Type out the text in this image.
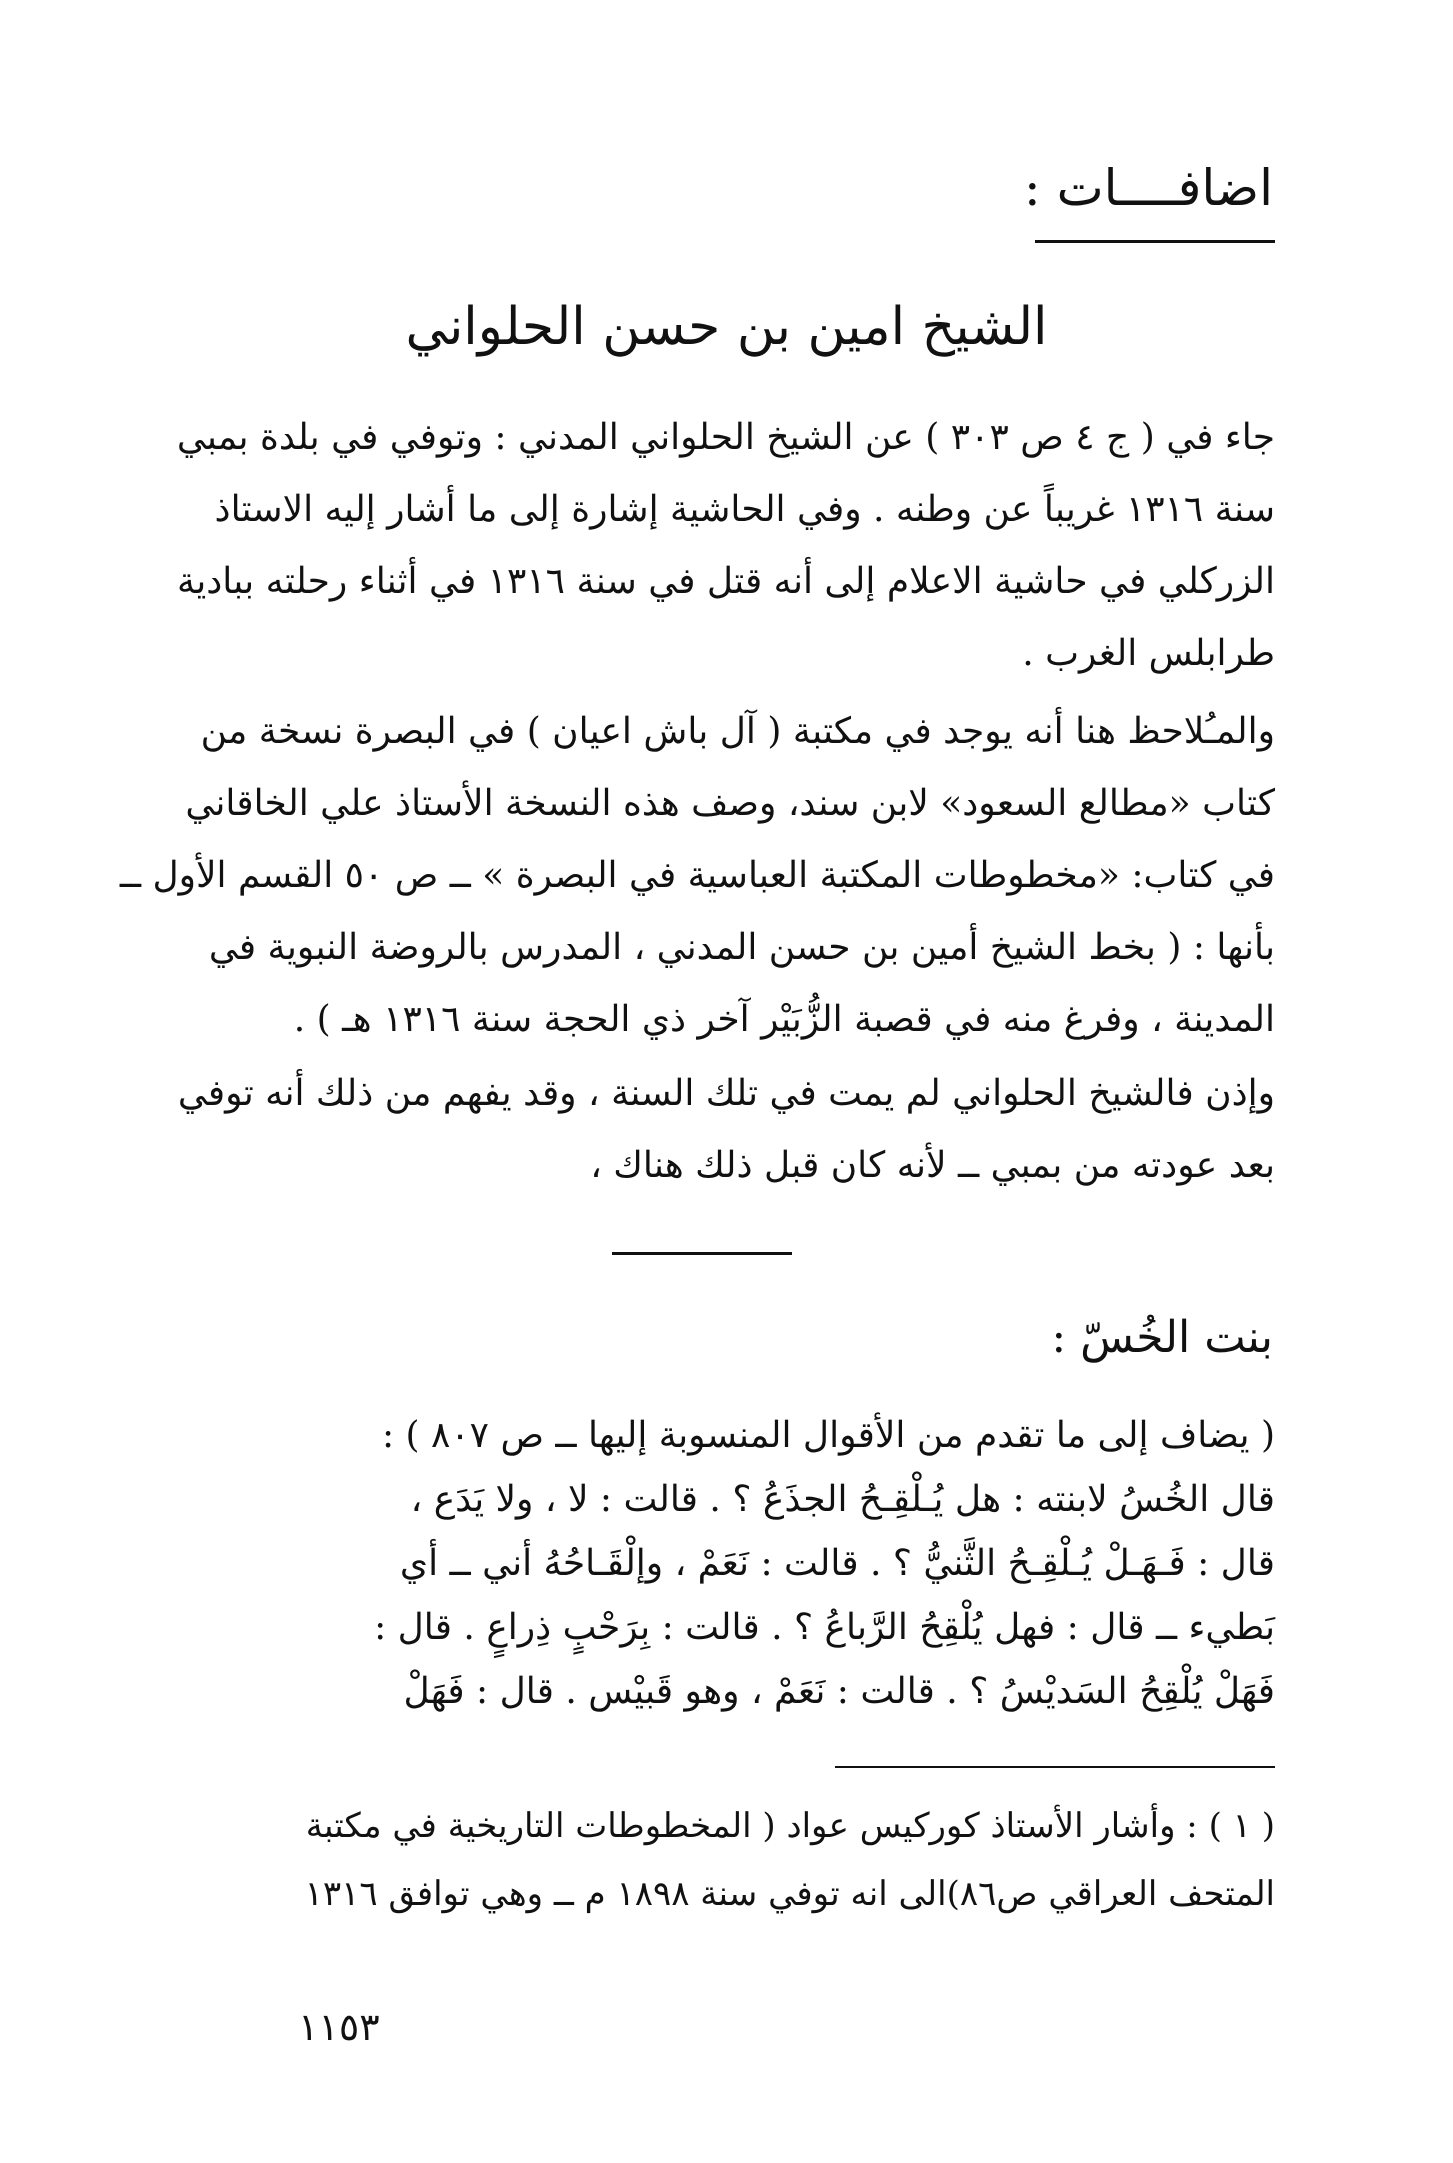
اضافــــات :
الشيخ امين بن حسن الحلواني
جاء في ( ج ٤ ص ٣٠٣ ) عن الشيخ الحلواني المدني : وتوفي في بلدة بمبي
سنة ١٣١٦ غريباً عن وطنه . وفي الحاشية إشارة إلى ما أشار إليه الاستاذ
الزركلي في حاشية الاعلام إلى أنه قتل في سنة ١٣١٦ في أثناء رحلته ببادية
طرابلس الغرب .
والمـُلاحظ هنا أنه يوجد في مكتبة ( آل باش اعيان ) في البصرة نسخة من
كتاب «مطالع السعود» لابن سند، وصف هذه النسخة الأستاذ علي الخاقاني
في كتاب: «مخطوطات المكتبة العباسية في البصرة » ــ ص ٥٠ القسم الأول ــ
بأنها : ( بخط الشيخ أمين بن حسن المدني ، المدرس بالروضة النبوية في
المدينة ، وفرغ منه في قصبة الزُّبَيْر آخر ذي الحجة سنة ١٣١٦ هـ ) .
وإذن فالشيخ الحلواني لم يمت في تلك السنة ، وقد يفهم من ذلك أنه توفي
بعد عودته من بمبي ــ لأنه كان قبل ذلك هناك ،
بنت الخُسّ :
( يضاف إلى ما تقدم من الأقوال المنسوبة إليها ــ ص ٨٠٧ ) :
قال الخُسُ لابنته : هل يُـلْقِـحُ الجذَعُ ؟ . قالت : لا ، ولا يَدَع ،
قال : فَـهَـلْ يُـلْقِـحُ الثَّنيُّ ؟ . قالت : نَعَمْ ، وإلْقَـاحُهُ أني ــ أي
بَطيء ــ قال : فهل يُلْقِحُ الرَّباعُ ؟ . قالت : بِرَحْبٍ ذِراعٍ . قال :
فَهَلْ يُلْقِحُ السَديْسُ ؟ . قالت : نَعَمْ ، وهو قَبيْس . قال : فَهَلْ
( ١ ) : وأشار الأستاذ كوركيس عواد ( المخطوطات التاريخية في مكتبة
المتحف العراقي ص٨٦)الى انه توفي سنة ١٨٩٨ م ــ وهي توافق ١٣١٦
١١٥٣
